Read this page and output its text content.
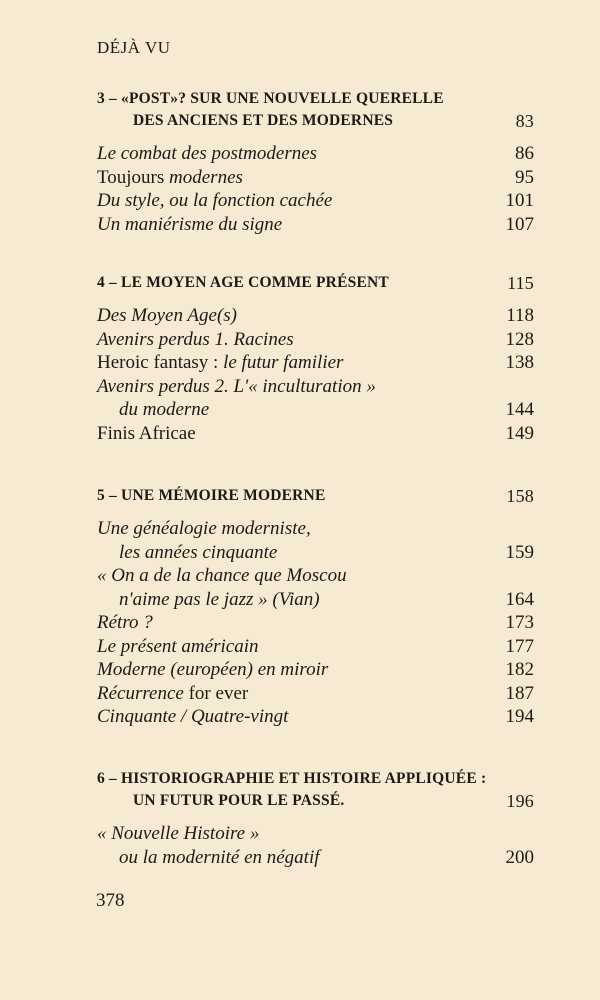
DÉJÀ VU
3 – «POST»? SUR UNE NOUVELLE QUERELLE
DES ANCIENS ET DES MODERNES	83
Le combat des postmodernes	86
Toujours modernes	95
Du style, ou la fonction cachée	101
Un maniérisme du signe	107
4 – LE MOYEN AGE COMME PRÉSENT	115
Des Moyen Age(s)	118
Avenirs perdus 1. Racines	128
Heroic fantasy : le futur familier	138
Avenirs perdus 2. L'« inculturation »
du moderne	144
Finis Africae	149
5 – UNE MÉMOIRE MODERNE	158
Une généalogie moderniste,
les années cinquante	159
« On a de la chance que Moscou
n'aime pas le jazz » (Vian)	164
Rétro ?	173
Le présent américain	177
Moderne (européen) en miroir	182
Récurrence for ever	187
Cinquante / Quatre-vingt	194
6 – HISTORIOGRAPHIE ET HISTOIRE APPLIQUÉE :
UN FUTUR POUR LE PASSÉ.	196
« Nouvelle Histoire »
ou la modernité en négatif	200
378
